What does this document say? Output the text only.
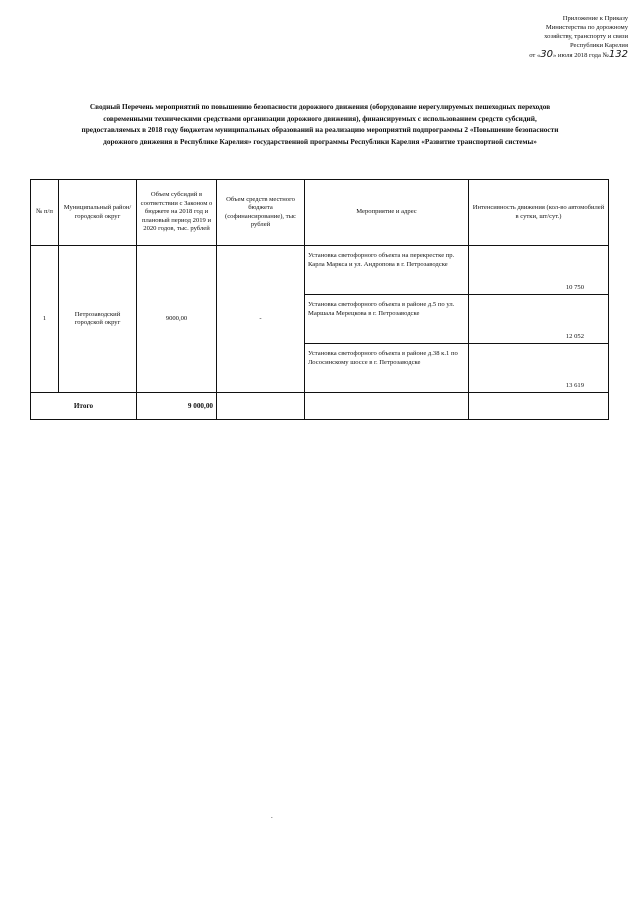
Приложение к Приказу
Министерства по дорожному
хозяйству, транспорту и связи
Республики Карелия
от «30» июля 2018 года №132
Сводный Перечень мероприятий по повышению безопасности дорожного движения (оборудование нерегулируемых пешеходных переходов
современными техническими средствами организации дорожного движения), финансируемых с использованием средств субсидий,
предоставляемых в 2018 году бюджетам муниципальных образований на реализацию мероприятий подпрограммы 2 «Повышение безопасности
дорожного движения в Республике Карелия» государственной программы Республики Карелия «Развитие транспортной системы»
№ п/п	Муниципальный район/городской округ	Объем субсидий в соответствии с Законом о бюджете на 2018 год и плановый период 2019 и 2020 годов, тыс. рублей	Объем средств местного бюджета (софинансирование), тыс рублей	Мероприятие и адрес	Интенсивность движения (кол-во автомобилей в сутки, шт/сут.)
1	Петрозаводский городской округ	9000,00	-	Установка светофорного объекта на перекрестке пр. Карла Маркса и ул. Андропова в г. Петрозаводске	10 750
				Установка светофорного объекта в районе д.5 по ул. Маршала Мерецкова в г. Петрозаводске	12 052
				Установка светофорного объекта в районе д.38 к.1 по Лососинскому шоссе в г. Петрозаводске	13 619
Итого		9 000,00			
.
